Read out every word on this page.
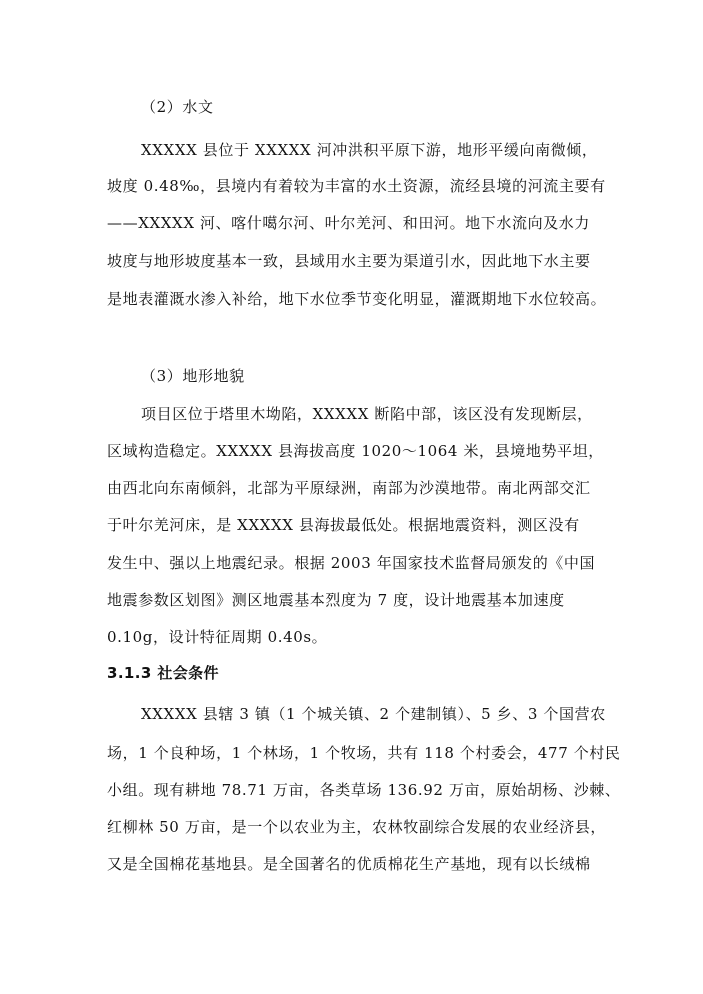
（2）水文
XXXXX 县位于 XXXXX 河冲洪积平原下游，地形平缓向南微倾，
坡度 0.48‰，县境内有着较为丰富的水土资源，流经县境的河流主要有
——XXXXX 河、喀什噶尔河、叶尔羌河、和田河。地下水流向及水力
坡度与地形坡度基本一致，县域用水主要为渠道引水，因此地下水主要
是地表灌溉水渗入补给，地下水位季节变化明显，灌溉期地下水位较高。
（3）地形地貌
项目区位于塔里木坳陷，XXXXX 断陷中部，该区没有发现断层，
区域构造稳定。XXXXX 县海拔高度 1020～1064 米，县境地势平坦，
由西北向东南倾斜，北部为平原绿洲，南部为沙漠地带。南北两部交汇
于叶尔羌河床，是 XXXXX 县海拔最低处。根据地震资料，测区没有
发生中、强以上地震纪录。根据 2003 年国家技术监督局颁发的《中国
地震参数区划图》测区地震基本烈度为 7 度，设计地震基本加速度
0.10g，设计特征周期 0.40s。
3.1.3 社会条件
XXXXX 县辖 3 镇（1 个城关镇、2 个建制镇）、5 乡、3 个国营农
场，1 个良种场，1 个林场，1 个牧场，共有 118 个村委会，477 个村民
小组。现有耕地 78.71 万亩，各类草场 136.92 万亩，原始胡杨、沙棘、
红柳林 50 万亩，是一个以农业为主，农林牧副综合发展的农业经济县，
又是全国棉花基地县。是全国著名的优质棉花生产基地，现有以长绒棉
